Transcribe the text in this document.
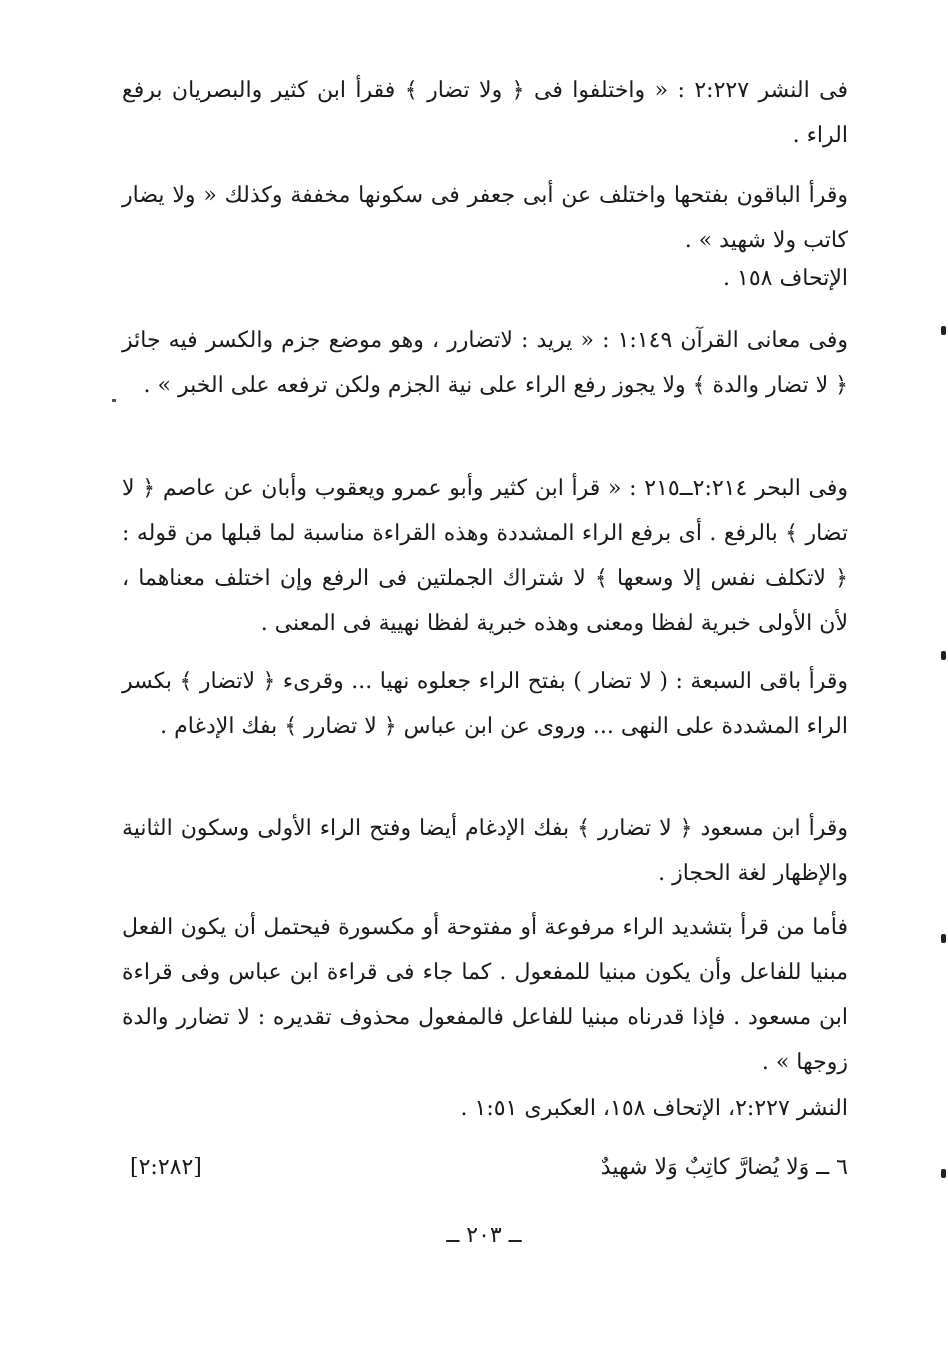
فى النشر ٢:٢٢٧ : « واختلفوا فى ﴿ ولا تضار ﴾ فقرأ ابن كثير والبصريان برفع الراء .

وقرأ الباقون بفتحها واختلف عن أبى جعفر فى سكونها مخففة وكذلك « ولا يضار كاتب ولا شهيد » .

الإتحاف ١٥٨ .

وفى معانى القرآن ١:١٤٩ : « يريد : لاتضارر ، وهو موضع جزم والكسر فيه جائز ﴿ لا تضار والدة ﴾ ولا يجوز رفع الراء على نية الجزم ولكن ترفعه على الخبر » .

وفى البحر ٢:٢١٤ــ٢١٥ : « قرأ ابن كثير وأبو عمرو ويعقوب وأبان عن عاصم ﴿ لا تضار ﴾ بالرفع . أى برفع الراء المشددة وهذه القراءة مناسبة لما قبلها من قوله : ﴿ لاتكلف نفس إلا وسعها ﴾ لا شتراك الجملتين فى الرفع وإن اختلف معناهما ، لأن الأولى خبرية لفظا ومعنى وهذه خبرية لفظا نهيية فى المعنى .

وقرأ باقى السبعة : ( لا تضار ) بفتح الراء جعلوه نهيا ... وقرىء ﴿ لاتضار ﴾ بكسر الراء المشددة على النهى ... وروى عن ابن عباس ﴿ لا تضارر ﴾ بفك الإدغام .

وقرأ ابن مسعود ﴿ لا تضارر ﴾ بفك الإدغام أيضا وفتح الراء الأولى وسكون الثانية والإظهار لغة الحجاز .

فأما من قرأ بتشديد الراء مرفوعة أو مفتوحة أو مكسورة فيحتمل أن يكون الفعل مبنيا للفاعل وأن يكون مبنيا للمفعول . كما جاء فى قراءة ابن عباس وفى قراءة ابن مسعود . فإذا قدرناه مبنيا للفاعل فالمفعول محذوف تقديره : لا تضارر والدة زوجها » .

النشر ٢:٢٢٧، الإتحاف ١٥٨، العكبرى ١:٥١ .

٦ ــ وَلا يُضارَّ كاتِبٌ وَلا شهيدٌ
[٢:٢٨٢]
ــ ٢٠٣ ــ
